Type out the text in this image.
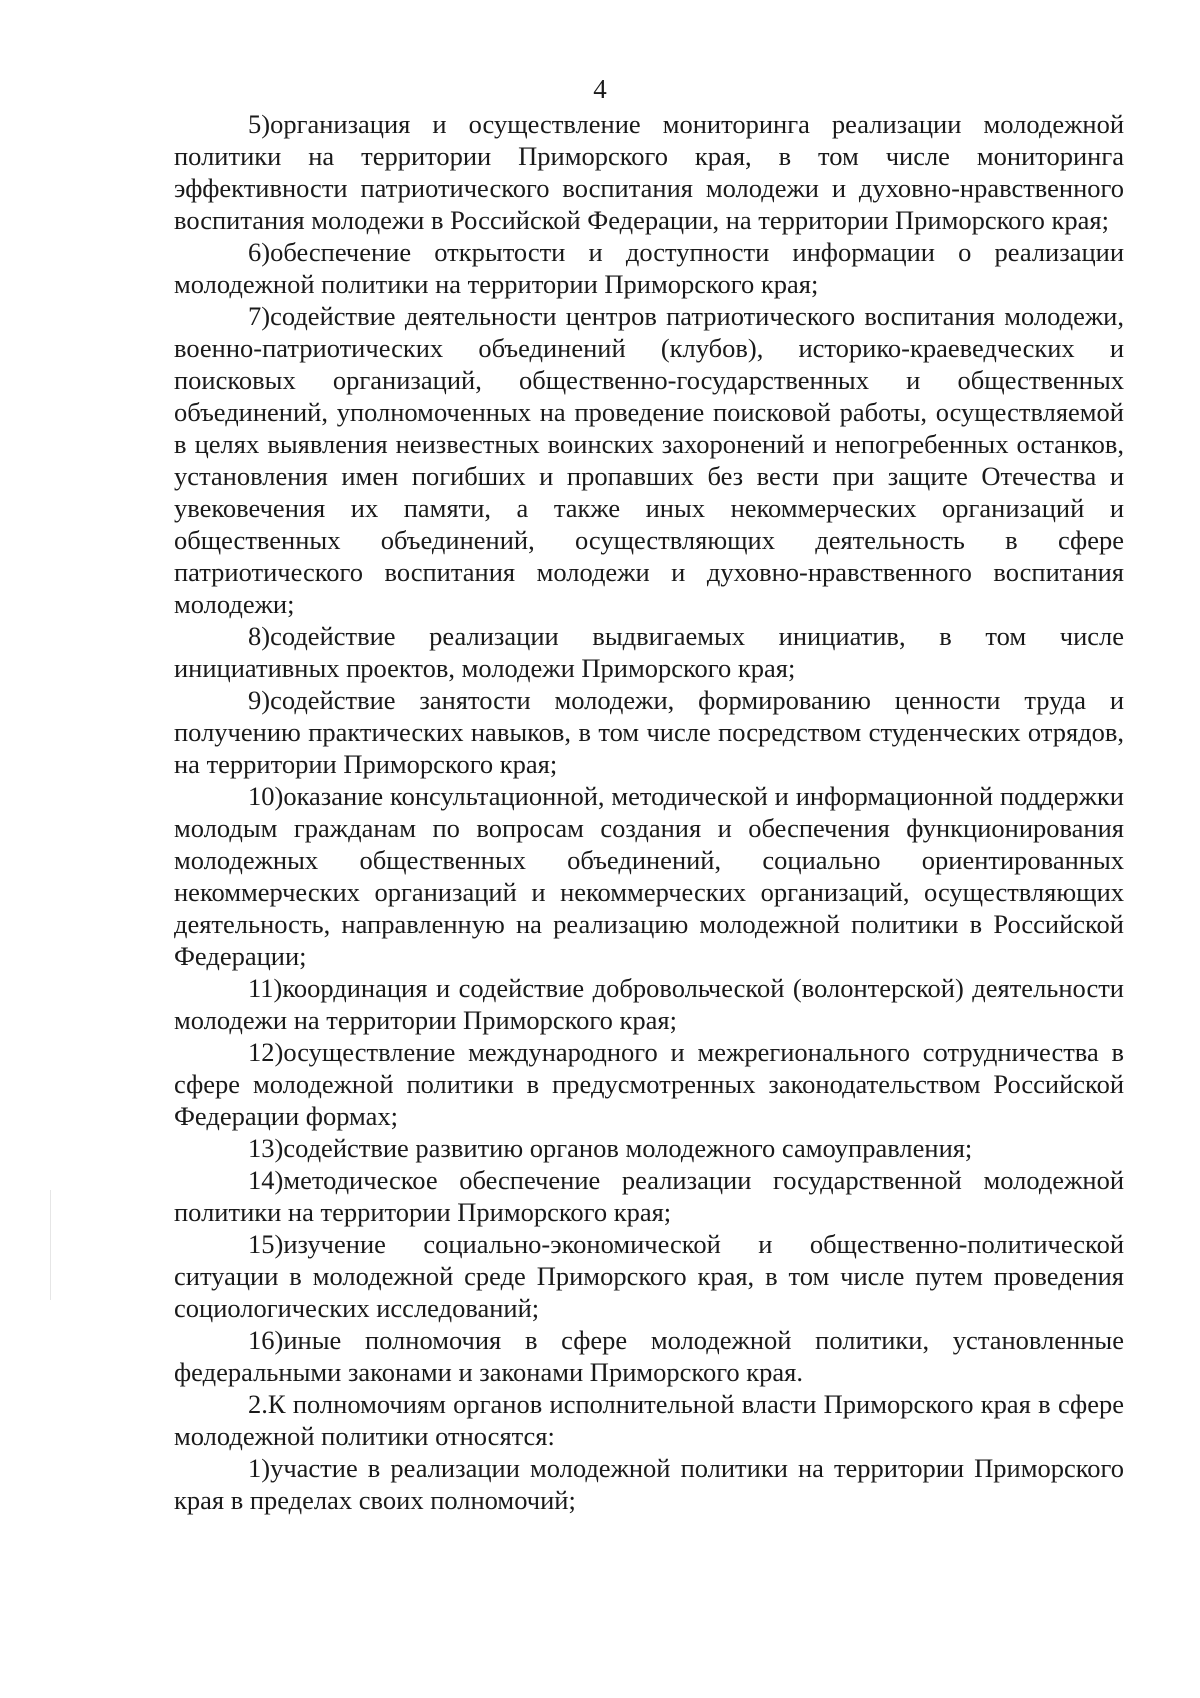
4

5)организация и осуществление мониторинга реализации молодежной политики на территории Приморского края, в том числе мониторинга эффективности патриотического воспитания молодежи и духовно-нравственного воспитания молодежи в Российской Федерации, на территории Приморского края;

6)обеспечение открытости и доступности информации о реализации молодежной политики на территории Приморского края;

7)содействие деятельности центров патриотического воспитания молодежи, военно-патриотических объединений (клубов), историко-краеведческих и поисковых организаций, общественно-государственных и общественных объединений, уполномоченных на проведение поисковой работы, осуществляемой в целях выявления неизвестных воинских захоронений и непогребенных останков, установления имен погибших и пропавших без вести при защите Отечества и увековечения их памяти, а также иных некоммерческих организаций и общественных объединений, осуществляющих деятельность в сфере патриотического воспитания молодежи и духовно-нравственного воспитания молодежи;

8)содействие реализации выдвигаемых инициатив, в том числе инициативных проектов, молодежи Приморского края;

9)содействие занятости молодежи, формированию ценности труда и получению практических навыков, в том числе посредством студенческих отрядов, на территории Приморского края;

10)оказание консультационной, методической и информационной поддержки молодым гражданам по вопросам создания и обеспечения функционирования молодежных общественных объединений, социально ориентированных некоммерческих организаций и некоммерческих организаций, осуществляющих деятельность, направленную на реализацию молодежной политики в Российской Федерации;

11)координация и содействие добровольческой (волонтерской) деятельности молодежи на территории Приморского края;

12)осуществление международного и межрегионального сотрудничества в сфере молодежной политики в предусмотренных законодательством Российской Федерации формах;

13)содействие развитию органов молодежного самоуправления;

14)методическое обеспечение реализации государственной молодежной политики на территории Приморского края;

15)изучение социально-экономической и общественно-политической ситуации в молодежной среде Приморского края, в том числе путем проведения социологических исследований;

16)иные полномочия в сфере молодежной политики, установленные федеральными законами и законами Приморского края.

2.К полномочиям органов исполнительной власти Приморского края в сфере молодежной политики относятся:

1)участие в реализации молодежной политики на территории Приморского края в пределах своих полномочий;
